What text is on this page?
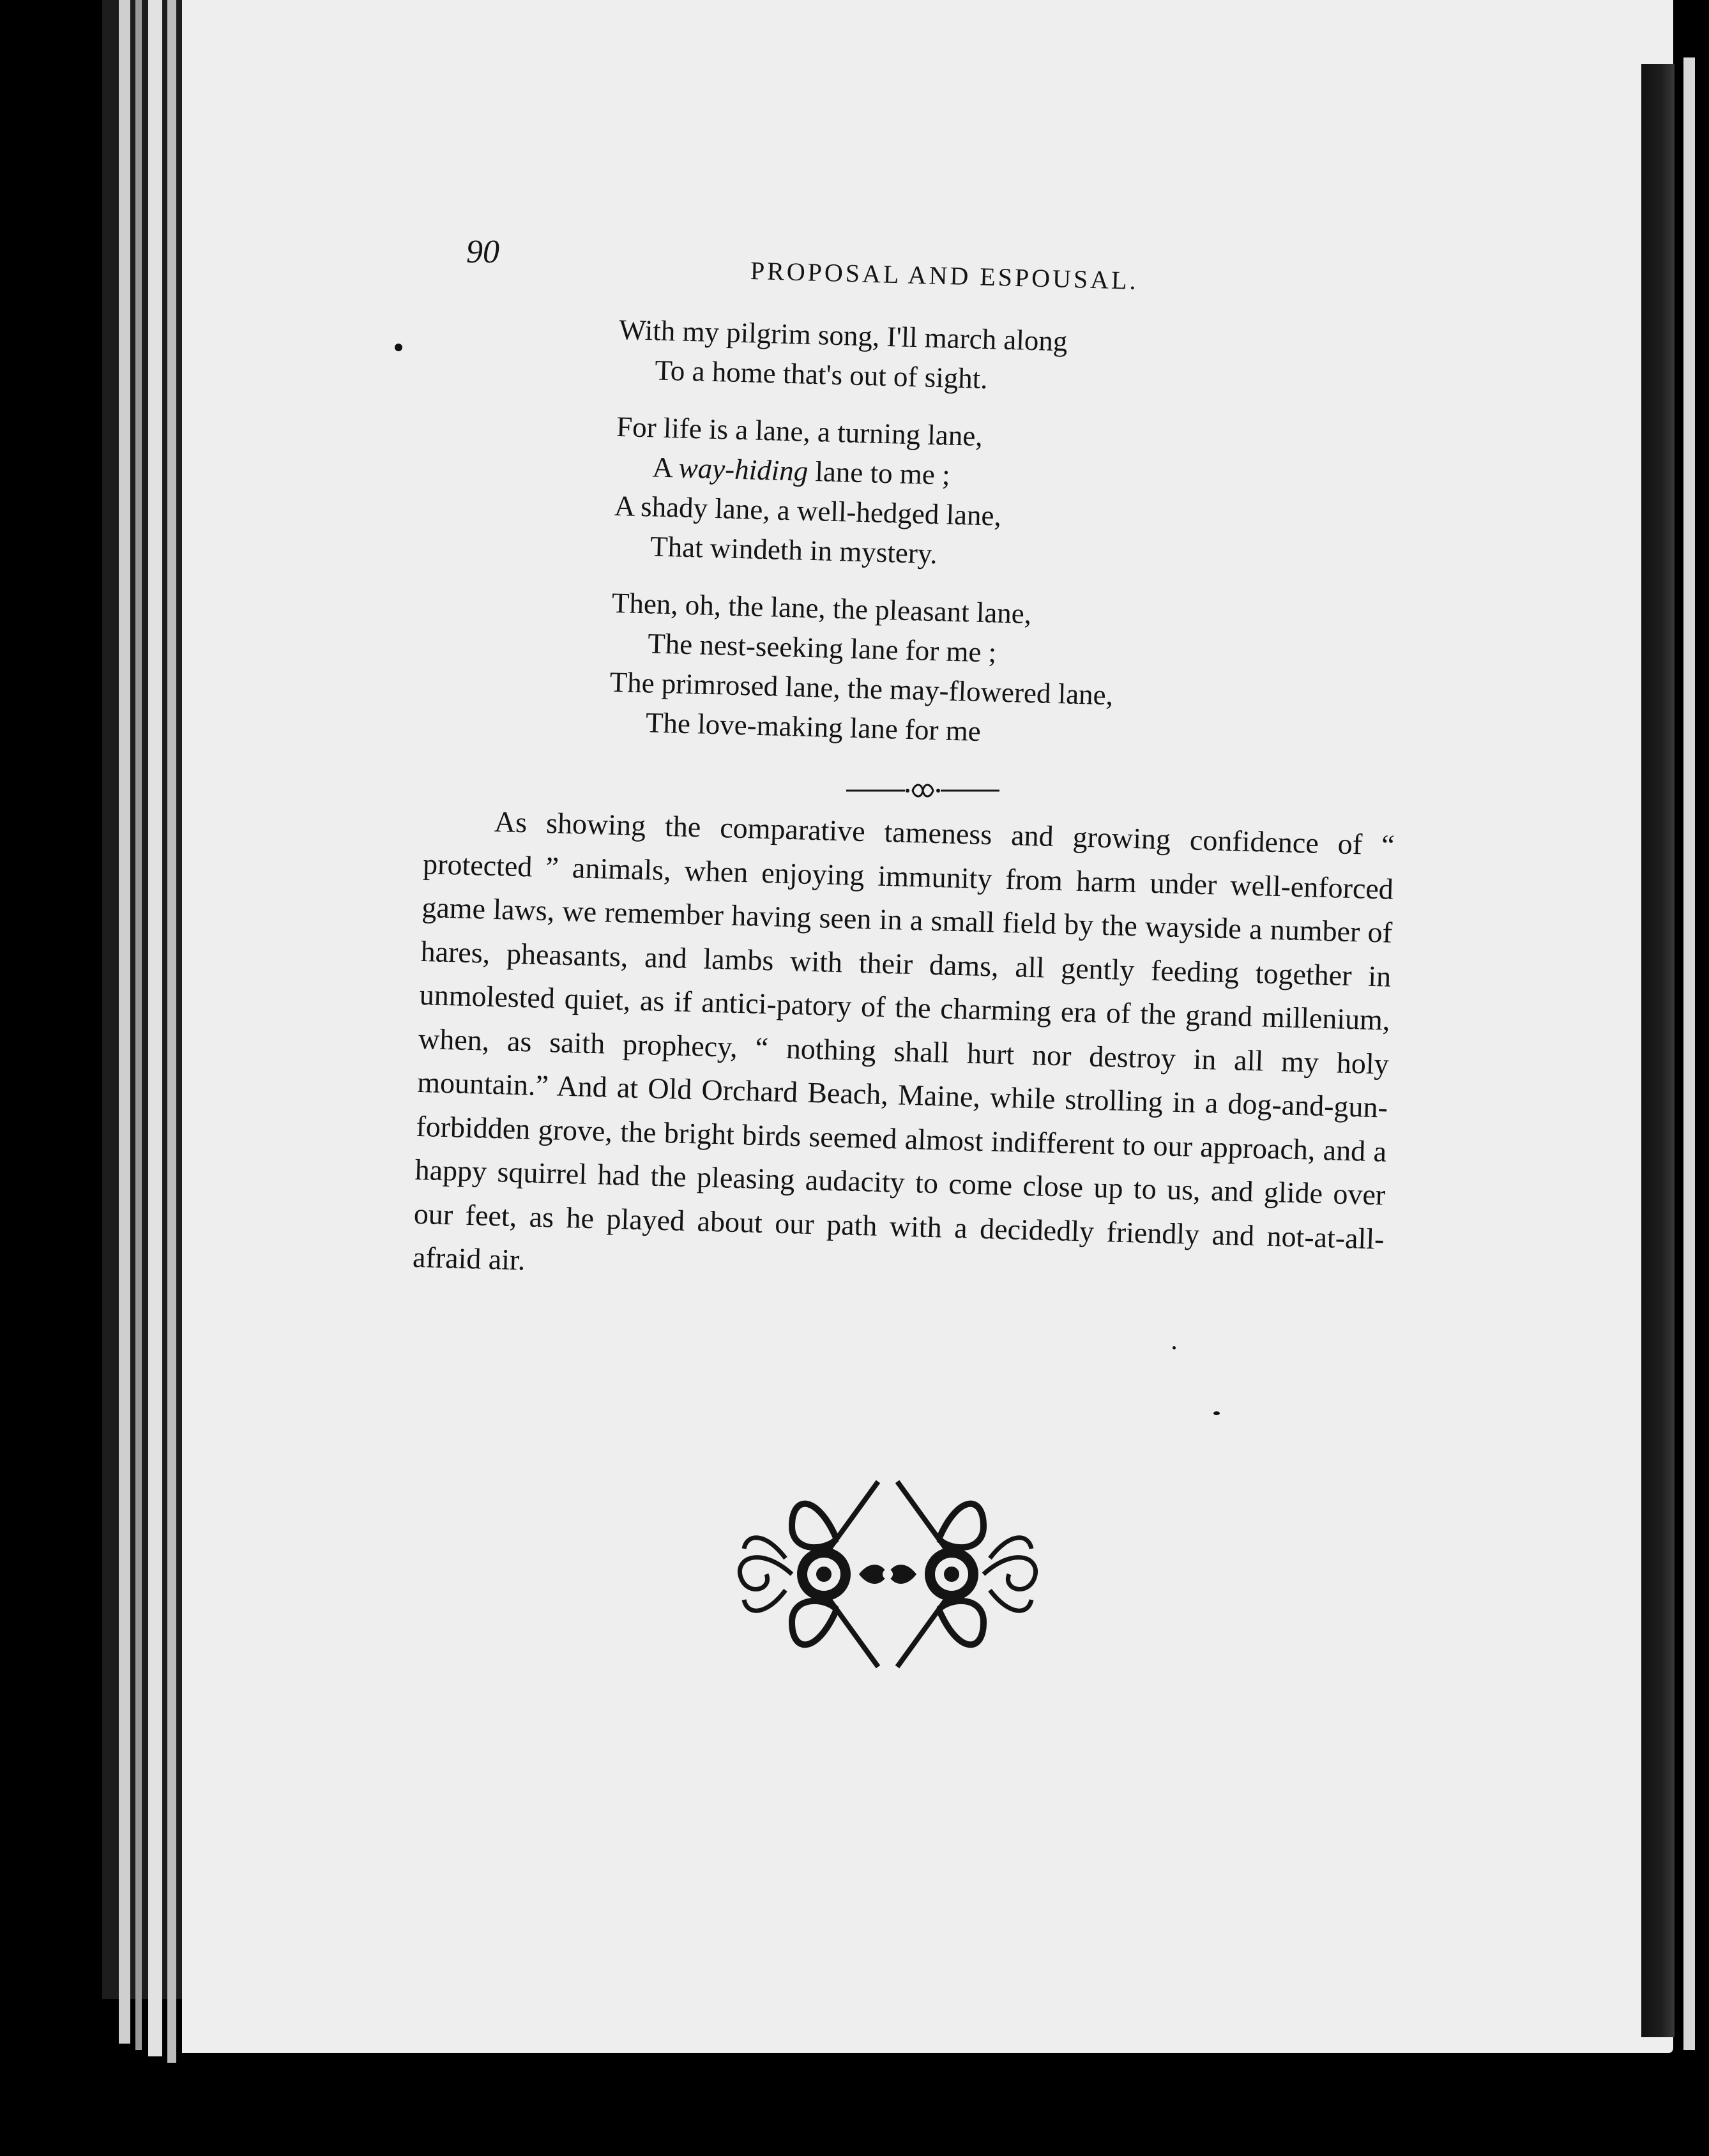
90
PROPOSAL AND ESPOUSAL.
With my pilgrim song, I'll march along
To a home that's out of sight.
For life is a lane, a turning lane,
A way-hiding lane to me ;
A shady lane, a well-hedged lane,
That windeth in mystery.
Then, oh, the lane, the pleasant lane,
The nest-seeking lane for me ;
The primrosed lane, the may-flowered lane,
The love-making lane for me

As showing the comparative tameness and growing confidence of “ protected ” animals, when enjoying immunity from harm under well-enforced game laws, we remember having seen in a small field by the wayside a number of hares, pheasants, and lambs with their dams, all gently feeding together in unmolested quiet, as if antici-patory of the charming era of the grand millenium, when, as saith prophecy, “ nothing shall hurt nor destroy in all my holy mountain.” And at Old Orchard Beach, Maine, while strolling in a dog-and-gun-forbidden grove, the bright birds seemed almost indifferent to our approach, and a happy squirrel had the pleasing audacity to come close up to us, and glide over our feet, as he played about our path with a decidedly friendly and not-at-all-afraid air.
